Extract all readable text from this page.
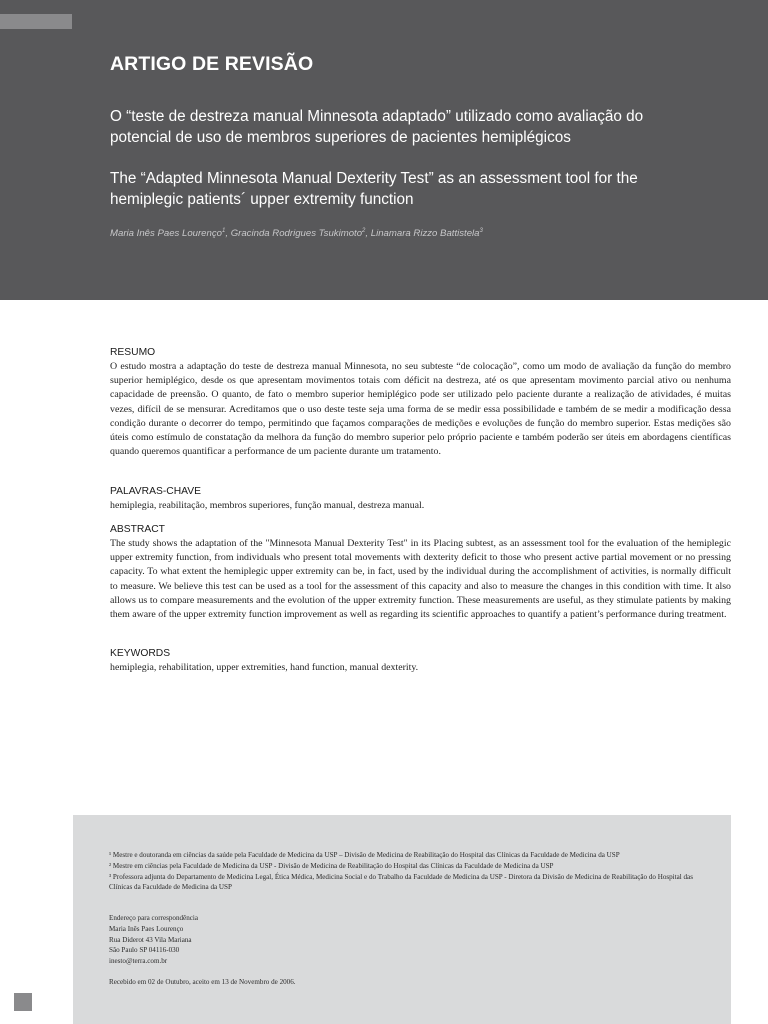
ARTIGO DE REVISÃO

O “teste de destreza manual Minnesota adaptado” utilizado como avaliação do potencial de uso de membros superiores de pacientes hemiplégicos

The “Adapted Minnesota Manual Dexterity Test” as an assessment tool for the hemiplegic patients´ upper extremity function

Maria Inês Paes Lourenço$^1$, Gracinda Rodrigues Tsukimoto$^2$, Linamara Rizzo Battistela$^3$

RESUMO

O estudo mostra a adaptação do teste de destreza manual Minnesota, no seu subteste “de colocação”, como um modo de avaliação da função do membro superior hemiplégico, desde os que apresentam movimentos totais com déficit na destreza, até os que apresentam movimento parcial ativo ou nenhuma capacidade de preensão. O quanto, de fato o membro superior hemiplégico pode ser utilizado pelo paciente durante a realização de atividades, é muitas vezes, difícil de se mensurar. Acreditamos que o uso deste teste seja uma forma de se medir essa possibilidade e também de se medir a modificação dessa condição durante o decorrer do tempo, permitindo que façamos comparações de medições e evoluções de função do membro superior. Estas medições são úteis como estímulo de constatação da melhora da função do membro superior pelo próprio paciente e também poderão ser úteis em abordagens científicas quando queremos quantificar a performance de um paciente durante um tratamento.

PALAVRAS-CHAVE

hemiplegia, reabilitação, membros superiores, função manual, destreza manual.

ABSTRACT

The study shows the adaptation of the "Minnesota Manual Dexterity Test" in its Placing subtest, as an assessment tool for the evaluation of the hemiplegic upper extremity function, from individuals who present total movements with dexterity deficit to those who present active partial movement or no pressing capacity. To what extent the hemiplegic upper extremity can be, in fact, used by the individual during the accomplishment of activities, is normally difficult to measure. We believe this test can be used as a tool for the assessment of this capacity and also to measure the changes in this condition with time. It also allows us to compare measurements and the evolution of the upper extremity function. These measurements are useful, as they stimulate patients by making them aware of the upper extremity function improvement as well as regarding its scientific approaches to quantify a patient’s performance during treatment.

KEYWORDS

hemiplegia, rehabilitation, upper extremities, hand function, manual dexterity.

¹ Mestre e doutoranda em ciências da saúde pela Faculdade de Medicina da USP – Divisão de Medicina de Reabilitação do Hospital das Clínicas da Faculdade de Medicina da USP
² Mestre em ciências pela Faculdade de Medicina da USP - Divisão de Medicina de Reabilitação do Hospital das Clínicas da Faculdade de Medicina da USP
³ Professora adjunta do Departamento de Medicina Legal, Ética Médica, Medicina Social e do Trabalho da Faculdade de Medicina da USP - Diretora da Divisão de Medicina de Reabilitação do Hospital das Clínicas da Faculdade de Medicina da USP
Endereço para correspondência
Maria Inês Paes Lourenço
Rua Diderot 43 Vila Mariana
São Paulo SP 04116-030
inesto@terra.com.br
Recebido em 02 de Outubro, aceito em 13 de Novembro de 2006.
